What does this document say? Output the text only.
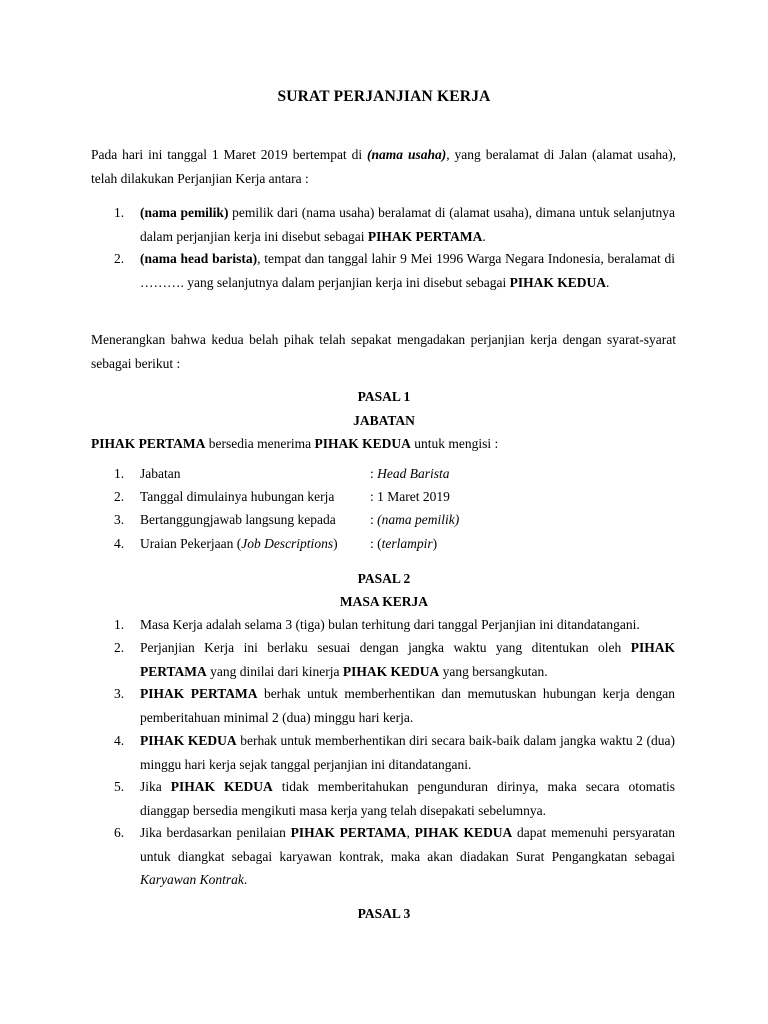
SURAT PERJANJIAN KERJA
Pada hari ini tanggal 1 Maret 2019 bertempat di (nama usaha), yang beralamat di Jalan (alamat usaha), telah dilakukan Perjanjian Kerja antara :
1.	(nama pemilik) pemilik dari (nama usaha) beralamat di (alamat usaha), dimana untuk selanjutnya dalam perjanjian kerja ini disebut sebagai PIHAK PERTAMA.
2.	(nama head barista), tempat dan tanggal lahir 9 Mei 1996 Warga Negara Indonesia, beralamat di ………. yang selanjutnya dalam perjanjian kerja ini disebut sebagai PIHAK KEDUA.
Menerangkan bahwa kedua belah pihak telah sepakat mengadakan perjanjian kerja dengan syarat-syarat sebagai berikut :
PASAL 1
JABATAN
PIHAK PERTAMA bersedia menerima PIHAK KEDUA untuk mengisi :
1.	Jabatan	: Head Barista
2.	Tanggal dimulainya hubungan kerja	: 1 Maret 2019
3.	Bertanggungjawab langsung kepada	: (nama pemilik)
4.	Uraian Pekerjaan (Job Descriptions) : (terlampir)
PASAL 2
MASA KERJA
1.	Masa Kerja adalah selama 3 (tiga) bulan terhitung dari tanggal Perjanjian ini ditandatangani.
2.	Perjanjian Kerja ini berlaku sesuai dengan jangka waktu yang ditentukan oleh PIHAK PERTAMA yang dinilai dari kinerja PIHAK KEDUA yang bersangkutan.
3.	PIHAK PERTAMA berhak untuk memberhentikan dan memutuskan hubungan kerja dengan pemberitahuan minimal 2 (dua) minggu hari kerja.
4.	PIHAK KEDUA berhak untuk memberhentikan diri secara baik-baik dalam jangka waktu 2 (dua) minggu hari kerja sejak tanggal perjanjian ini ditandatangani.
5.	Jika PIHAK KEDUA tidak memberitahukan pengunduran dirinya, maka secara otomatis dianggap bersedia mengikuti masa kerja yang telah disepakati sebelumnya.
6.	Jika berdasarkan penilaian PIHAK PERTAMA, PIHAK KEDUA dapat memenuhi persyaratan untuk diangkat sebagai karyawan kontrak, maka akan diadakan Surat Pengangkatan sebagai Karyawan Kontrak.
PASAL 3
